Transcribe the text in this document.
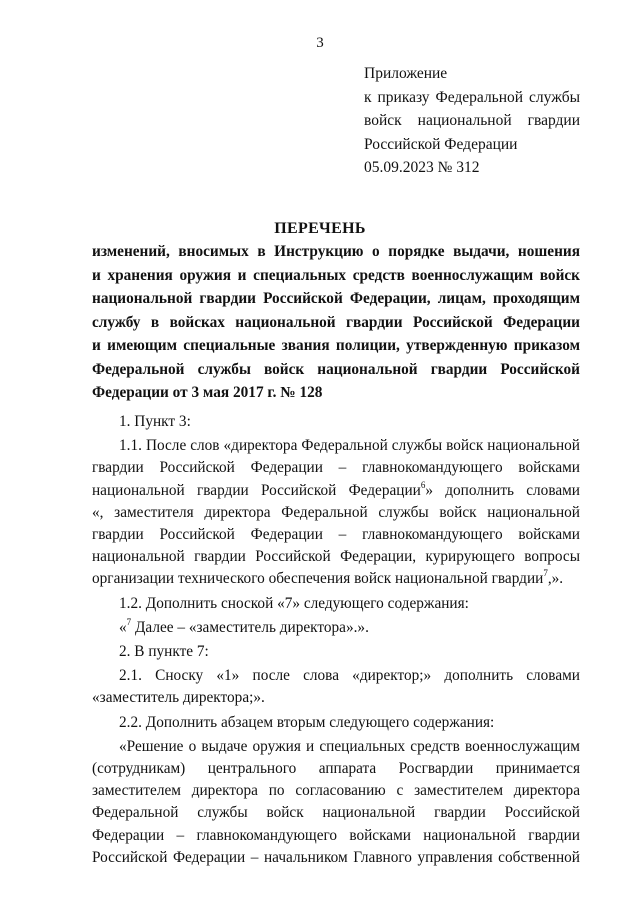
3
Приложение
к приказу Федеральной службы
войск национальной гвардии
Российской Федерации
05.09.2023 № 312
ПЕРЕЧЕНЬ
изменений, вносимых в Инструкцию о порядке выдачи, ношения
и хранения оружия и специальных средств военнослужащим войск
национальной гвардии Российской Федерации, лицам, проходящим
службу в войсках национальной гвардии Российской Федерации
и имеющим специальные звания полиции, утвержденную приказом
Федеральной службы войск национальной гвардии Российской
Федерации от 3 мая 2017 г. № 128
1. Пункт 3:
1.1. После слов «директора Федеральной службы войск национальной
гвардии Российской Федерации – главнокомандующего войсками
национальной гвардии Российской Федерации$^6$» дополнить словами
«, заместителя директора Федеральной службы войск национальной
гвардии Российской Федерации – главнокомандующего войсками
национальной гвардии Российской Федерации, курирующего вопросы
организации технического обеспечения войск национальной гвардии$^7$,».
1.2. Дополнить сноской «7» следующего содержания:
«$^7$ Далее – «заместитель директора».».
2. В пункте 7:
2.1. Сноску «1» после слова «директор;» дополнить словами
«заместитель директора;».
2.2. Дополнить абзацем вторым следующего содержания:
«Решение о выдаче оружия и специальных средств военнослужащим
(сотрудникам) центрального аппарата Росгвардии принимается
заместителем директора по согласованию с заместителем директора
Федеральной службы войск национальной гвардии Российской
Федерации – главнокомандующего войсками национальной гвардии
Российской Федерации – начальником Главного управления собственной
